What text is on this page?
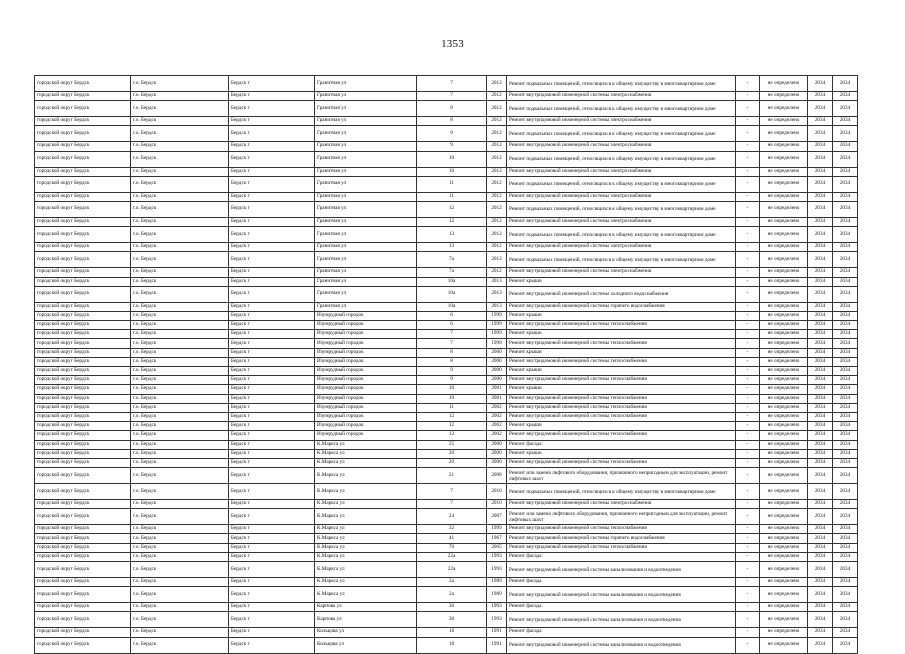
1353
городской округ Бердск	г.о. Бердск	Бердск г	Гранитная ул	7	2012	Ремонт подвальных помещений, относящихся к общему имуществу в многоквартирном доме	-	не определено	2034	2034
городской округ Бердск	г.о. Бердск	Бердск г	Гранитная ул	7	2012	Ремонт внутридомовой инженерной системы электроснабжения	-	не определено	2034	2034
городской округ Бердск	г.о. Бердск	Бердск г	Гранитная ул	8	2012	Ремонт подвальных помещений, относящихся к общему имуществу в многоквартирном доме	-	не определено	2034	2034
городской округ Бердск	г.о. Бердск	Бердск г	Гранитная ул	8	2012	Ремонт внутридомовой инженерной системы электроснабжения	-	не определено	2034	2034
городской округ Бердск	г.о. Бердск	Бердск г	Гранитная ул	9	2012	Ремонт подвальных помещений, относящихся к общему имуществу в многоквартирном доме	-	не определено	2034	2034
городской округ Бердск	г.о. Бердск	Бердск г	Гранитная ул	9	2012	Ремонт внутридомовой инженерной системы электроснабжения	-	не определено	2034	2034
городской округ Бердск	г.о. Бердск	Бердск г	Гранитная ул	10	2012	Ремонт подвальных помещений, относящихся к общему имуществу в многоквартирном доме	-	не определено	2034	2034
городской округ Бердск	г.о. Бердск	Бердск г	Гранитная ул	10	2012	Ремонт внутридомовой инженерной системы электроснабжения	-	не определено	2034	2034
городской округ Бердск	г.о. Бердск	Бердск г	Гранитная ул	11	2012	Ремонт подвальных помещений, относящихся к общему имуществу в многоквартирном доме	-	не определено	2034	2034
городской округ Бердск	г.о. Бердск	Бердск г	Гранитная ул	11	2012	Ремонт внутридомовой инженерной системы электроснабжения	-	не определено	2034	2034
городской округ Бердск	г.о. Бердск	Бердск г	Гранитная ул	12	2012	Ремонт подвальных помещений, относящихся к общему имуществу в многоквартирном доме	-	не определено	2034	2034
городской округ Бердск	г.о. Бердск	Бердск г	Гранитная ул	12	2012	Ремонт внутридомовой инженерной системы электроснабжения	-	не определено	2034	2034
городской округ Бердск	г.о. Бердск	Бердск г	Гранитная ул	13	2012	Ремонт подвальных помещений, относящихся к общему имуществу в многоквартирном доме	-	не определено	2034	2034
городской округ Бердск	г.о. Бердск	Бердск г	Гранитная ул	13	2012	Ремонт внутридомовой инженерной системы электроснабжения	-	не определено	2034	2034
городской округ Бердск	г.о. Бердск	Бердск г	Гранитная ул	7а	2012	Ремонт подвальных помещений, относящихся к общему имуществу в многоквартирном доме	-	не определено	2034	2034
городской округ Бердск	г.о. Бердск	Бердск г	Гранитная ул	7а	2012	Ремонт внутридомовой инженерной системы электроснабжения	-	не определено	2034	2034
городской округ Бердск	г.о. Бердск	Бердск г	Гранитная ул	10а	2013	Ремонт крыши	-	не определено	2034	2034
городской округ Бердск	г.о. Бердск	Бердск г	Гранитная ул	10а	2013	Ремонт внутридомовой инженерной системы холодного водоснабжения	-	не определено	2034	2034
городской округ Бердск	г.о. Бердск	Бердск г	Гранитная ул	10а	2013	Ремонт внутридомовой инженерной системы горячего водоснабжения	-	не определено	2034	2034
городской округ Бердск	г.о. Бердск	Бердск г	Изумрудный городок	6	1999	Ремонт крыши	-	не определено	2034	2034
городской округ Бердск	г.о. Бердск	Бердск г	Изумрудный городок	6	1999	Ремонт внутридомовой инженерной системы теплоснабжения	-	не определено	2034	2034
городской округ Бердск	г.о. Бердск	Бердск г	Изумрудный городок	7	1999	Ремонт крыши	-	не определено	2034	2034
городской округ Бердск	г.о. Бердск	Бердск г	Изумрудный городок	7	1999	Ремонт внутридомовой инженерной системы теплоснабжения	-	не определено	2034	2034
городской округ Бердск	г.о. Бердск	Бердск г	Изумрудный городок	8	2000	Ремонт крыши	-	не определено	2034	2034
городской округ Бердск	г.о. Бердск	Бердск г	Изумрудный городок	8	2000	Ремонт внутридомовой инженерной системы теплоснабжения	-	не определено	2034	2034
городской округ Бердск	г.о. Бердск	Бердск г	Изумрудный городок	9	2000	Ремонт крыши	-	не определено	2034	2034
городской округ Бердск	г.о. Бердск	Бердск г	Изумрудный городок	9	2000	Ремонт внутридомовой инженерной системы теплоснабжения	-	не определено	2034	2034
городской округ Бердск	г.о. Бердск	Бердск г	Изумрудный городок	10	2001	Ремонт крыши	-	не определено	2034	2034
городской округ Бердск	г.о. Бердск	Бердск г	Изумрудный городок	10	2001	Ремонт внутридомовой инженерной системы теплоснабжения	-	не определено	2034	2034
городской округ Бердск	г.о. Бердск	Бердск г	Изумрудный городок	11	2002	Ремонт внутридомовой инженерной системы теплоснабжения	-	не определено	2034	2034
городской округ Бердск	г.о. Бердск	Бердск г	Изумрудный городок	12	2002	Ремонт внутридомовой инженерной системы теплоснабжения	-	не определено	2034	2034
городской округ Бердск	г.о. Бердск	Бердск г	Изумрудный городок	12	2002	Ремонт крыши	-	не определено	2034	2034
городской округ Бердск	г.о. Бердск	Бердск г	Изумрудный городок	12	2002	Ремонт внутридомовой инженерной системы теплоснабжения	-	не определено	2034	2034
городской округ Бердск	г.о. Бердск	Бердск г	К.Маркса ул	25	2000	Ремонт фасада	-	не определено	2034	2034
городской округ Бердск	г.о. Бердск	Бердск г	К.Маркса ул	20	2000	Ремонт крыши	-	не определено	2034	2034
городской округ Бердск	г.о. Бердск	Бердск г	К.Маркса ул	20	2000	Ремонт внутридомовой инженерной системы теплоснабжения	-	не определено	2034	2034
городской округ Бердск	г.о. Бердск	Бердск г	К.Маркса ул	21	2008	Ремонт или замена лифтового оборудования, признанного непригодным для эксплуатации, ремонт лифтовых шахт	-	не определено	2034	2034
городской округ Бердск	г.о. Бердск	Бердск г	К.Маркса ул	7	2010	Ремонт подвальных помещений, относящихся к общему имуществу в многоквартирном доме	-	не определено	2034	2034
городской округ Бердск	г.о. Бердск	Бердск г	К.Маркса ул	7	2010	Ремонт внутридомовой инженерной системы электроснабжения	-	не определено	2034	2034
городской округ Бердск	г.о. Бердск	Бердск г	К.Маркса ул	24	2007	Ремонт или замена лифтового оборудования, признанного непригодным для эксплуатации, ремонт лифтовых шахт	-	не определено	2034	2034
городской округ Бердск	г.о. Бердск	Бердск г	К.Маркса ул	32	1999	Ремонт внутридомовой инженерной системы теплоснабжения	-	не определено	2034	2034
городской округ Бердск	г.о. Бердск	Бердск г	К.Маркса ул	41	1967	Ремонт внутридомовой инженерной системы горячего водоснабжения	-	не определено	2034	2034
городской округ Бердск	г.о. Бердск	Бердск г	К.Маркса ул	70	2005	Ремонт внутридомовой инженерной системы теплоснабжения	-	не определено	2034	2034
городской округ Бердск	г.о. Бердск	Бердск г	К.Маркса ул	22а	1993	Ремонт фасада	-	не определено	2034	2034
городской округ Бердск	г.о. Бердск	Бердск г	К.Маркса ул	22а	1993	Ремонт внутридомовой инженерной системы канализования и водоотведения	-	не определено	2034	2034
городской округ Бердск	г.о. Бердск	Бердск г	К.Маркса ул	2а	1989	Ремонт фасада	-	не определено	2034	2034
городской округ Бердск	г.о. Бердск	Бердск г	К.Маркса ул	2а	1989	Ремонт внутридомовой инженерной системы канализования и водоотведения	-	не определено	2034	2034
городской округ Бердск	г.о. Бердск	Бердск г	Карпова ул	30	1993	Ремонт фасада	-	не определено	2034	2034
городской округ Бердск	г.о. Бердск	Бердск г	Карпова ул	30	1993	Ремонт внутридомовой инженерной системы канализования и водоотведения	-	не определено	2034	2034
городской округ Бердск	г.о. Бердск	Бердск г	Кольцова ул	18	1991	Ремонт фасада	-	не определено	2034	2034
городской округ Бердск	г.о. Бердск	Бердск г	Кольцова ул	18	1991	Ремонт внутридомовой инженерной системы канализования и водоотведения	-	не определено	2034	2034
